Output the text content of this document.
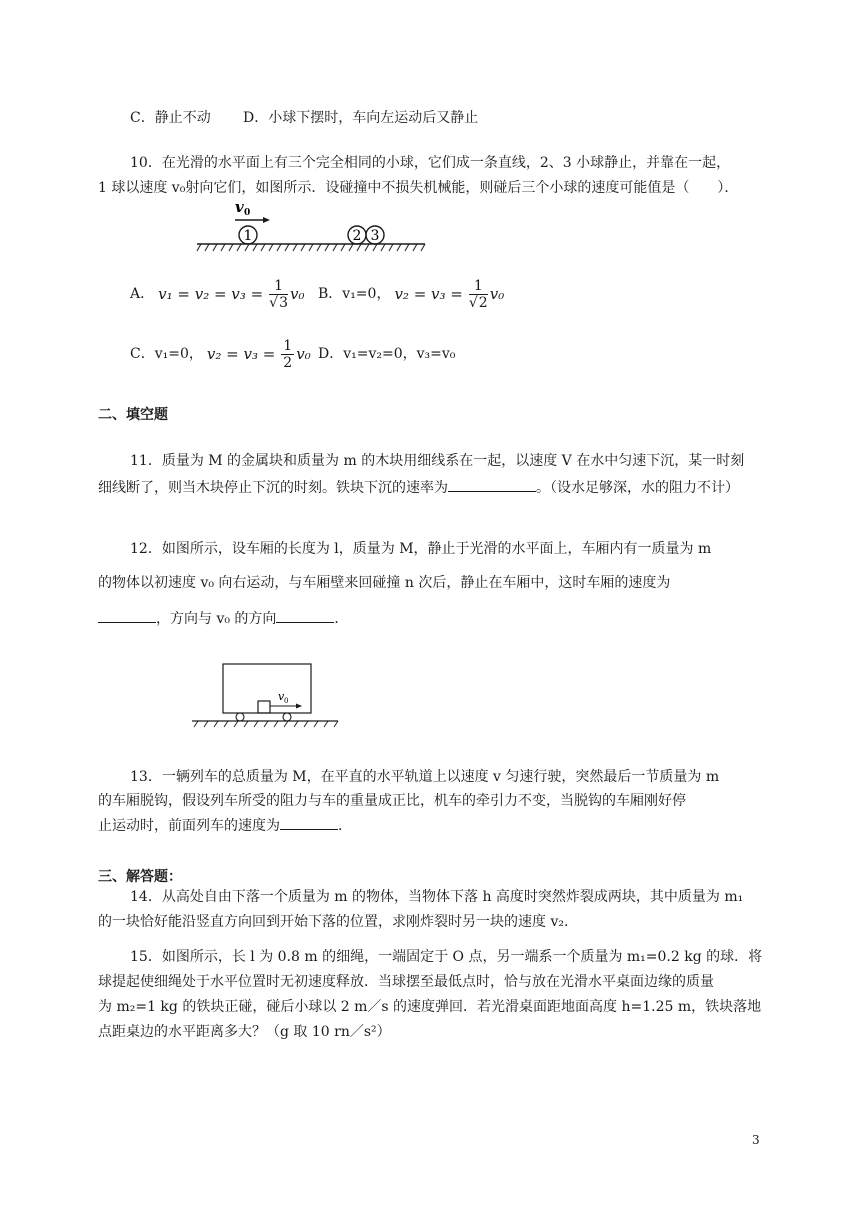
C．静止不动 D．小球下摆时，车向左运动后又静止
10．在光滑的水平面上有三个完全相同的小球，它们成一条直线，2、3 小球静止，并靠在一起，
1 球以速度 v₀射向它们，如图所示．设碰撞中不损失机械能，则碰后三个小球的速度可能值是（　　）．
v 0
1	2 3
A． $v_1 = v_2 = v_3 = \frac{1}{√3} v_0$ B．v₁=0， $v_2 = v_3 = \frac{1}{√2} v_0$
C．v₁=0， $v_2 = v_3 = \frac{1}{2} v_0$ D．v₁=v₂=0，v₃=v₀
二、填空题
11．质量为 M 的金属块和质量为 m 的木块用细线系在一起，以速度 V 在水中匀速下沉，某一时刻
细线断了，则当木块停止下沉的时刻。铁块下沉的速率为	。（设水足够深，水的阻力不计）
12．如图所示，设车厢的长度为 l，质量为 M，静止于光滑的水平面上，车厢内有一质量为 m
的物体以初速度 v₀ 向右运动，与车厢壁来回碰撞 n 次后，静止在车厢中，这时车厢的速度为
，方向与 v₀ 的方向	．
v 0
13．一辆列车的总质量为 M，在平直的水平轨道上以速度 v 匀速行驶，突然最后一节质量为 m
的车厢脱钩，假设列车所受的阻力与车的重量成正比，机车的牵引力不变，当脱钩的车厢刚好停
止运动时，前面列车的速度为	．
三、解答题：
14．从高处自由下落一个质量为 m 的物体，当物体下落 h 高度时突然炸裂成两块，其中质量为 m₁
的一块恰好能沿竖直方向回到开始下落的位置，求刚炸裂时另一块的速度 v₂.
15．如图所示，长 l 为 0.8 m 的细绳，一端固定于 O 点，另一端系一个质量为 m₁=0.2 kg 的球．将
球提起使细绳处于水平位置时无初速度释放．当球摆至最低点时，恰与放在光滑水平桌面边缘的质量
为 m₂=1 kg 的铁块正碰，碰后小球以 2 m／s 的速度弹回．若光滑桌面距地面高度 h=1.25 m，铁块落地
点距桌边的水平距离多大？（g 取 10 rn／s²）
3
